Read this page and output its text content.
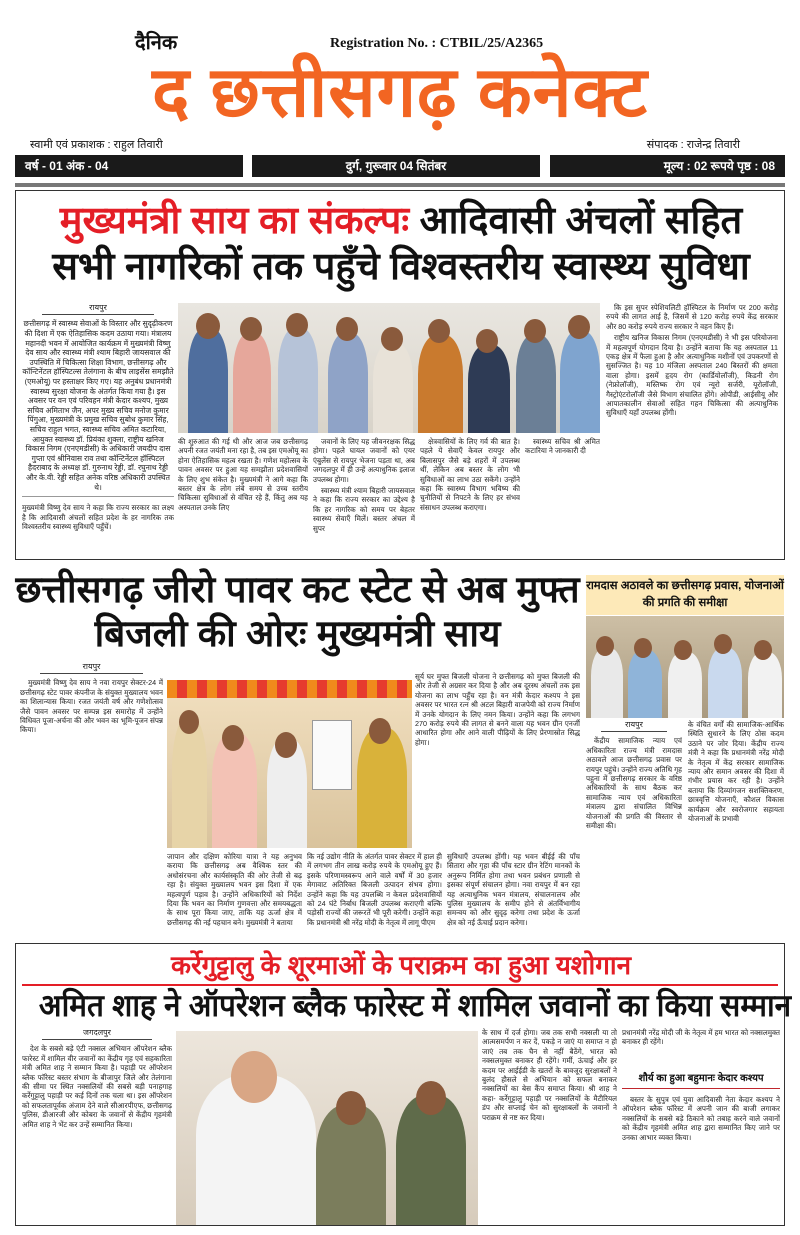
दैनिक	Registration No. : CTBIL/25/A2365
द छत्तीसगढ़ कनेक्ट
स्वामी एवं प्रकाशक : राहुल तिवारी	संपादक : राजेन्द्र तिवारी
वर्ष - 01 अंक - 04	दुर्ग, गुरूवार 04 सितंबर	मूल्य : 02 रूपये पृष्ठ : 08
मुख्यमंत्री साय का संकल्पः आदिवासी अंचलों सहित सभी नागरिकों तक पहुँचे विश्वस्तरीय स्वास्थ्य सुविधा
रायपुर
छत्तीसगढ़ में स्वास्थ्य सेवाओं के विस्तार और सुदृढ़ीकरण की दिशा में एक ऐतिहासिक कदम उठाया गया। मंत्रालय महानदी भवन में आयोजित कार्यक्रम में मुख्यमंत्री विष्णु देव साय और स्वास्थ्य मंत्री श्याम बिहारी जायसवाल की उपस्थिति में चिकित्सा शिक्षा विभाग, छत्तीसगढ़ और कॉन्टिनेंटल हॉस्पिटल्स तेलंगाना के बीच लाइसेंस समझौते (एमओयू) पर हस्ताक्षर किए गए। यह अनुबंध प्रधानमंत्री स्वास्थ्य सुरक्षा योजना के अंतर्गत किया गया है। इस अवसर पर वन एवं परिवहन मंत्री केदार कश्यप, मुख्य सचिव अमिताभ जैन, अपर मुख्य सचिव मनोज कुमार पिंगुआ, मुख्यमंत्री के प्रमुख सचिव सुबोध कुमार सिंह, सचिव राहुल भगत, स्वास्थ्य सचिव अमित कटारिया, आयुक्त स्वास्थ्य डॉ. प्रियंका शुक्ला, राष्ट्रीय खनिज विकास निगम (एनएमडीसी) के अधिकारी जयदीप दास गुप्ता एवं श्रीनिवास राव तथा कॉन्टिनेंटल हॉस्पिटल हैदराबाद के अध्यक्ष डॉ. गुरुनाथ रेड्डी, डॉ. रघुनाथ रेड्डी और के.वी. रेड्डी सहित अनेक वरिष्ठ अधिकारी उपस्थित थे।
मुख्यमंत्री विष्णु देव साय ने कहा कि राज्य सरकार का लक्ष्य है कि आदिवासी अंचलों सहित प्रदेश के हर नागरिक तक विश्वस्तरीय स्वास्थ्य सुविधाएँ पहुँचें।
की शुरुआत की गई थी और आज जब छत्तीसगढ़ अपनी रजत जयंती मना रहा है, तब इस एमओयू का होना ऐतिहासिक महत्व रखता है। गणेश महोत्सव के पावन अवसर पर हुआ यह समझौता प्रदेशवासियों के लिए शुभ संकेत है। मुख्यमंत्री ने आगे कहा कि बस्तर क्षेत्र के लोग लंबे समय से उच्च स्तरीय चिकित्सा सुविधाओं से वंचित रहे हैं, किंतु अब यह अस्पताल उनके लिए

जवानों के लिए यह जीवनरक्षक सिद्ध होगा। पहले घायल जवानों को एयर एंबुलेंस से रायपुर भेजना पड़ता था, अब जगदलपुर में ही उन्हें अत्याधुनिक इलाज उपलब्ध होगा।

स्वास्थ्य मंत्री श्याम बिहारी जायसवाल ने कहा कि राज्य सरकार का उद्देश्य है कि हर नागरिक को समय पर बेहतर स्वास्थ्य सेवाएँ मिलें। बस्तर अंचल में सुपर

क्षेत्रवासियों के लिए गर्व की बात है। पहले ये सेवाएँ केवल रायपुर और बिलासपुर जैसे बड़े शहरों में उपलब्ध थीं, लेकिन अब बस्तर के लोग भी सुविधाओं का लाभ उठा सकेंगे। उन्होंने कहा कि स्वास्थ्य विभाग भविष्य की चुनौतियों से निपटने के लिए हर संभव संसाधन उपलब्ध कराएगा।

स्वास्थ्य सचिव श्री अमित कटारिया ने जानकारी दी

कि इस सुपर स्पेशियलिटी हॉस्पिटल के निर्माण पर 200 करोड़ रुपये की लागत आई है, जिसमें से 120 करोड़ रुपये केंद्र सरकार और 80 करोड़ रुपये राज्य सरकार ने वहन किए हैं।

राष्ट्रीय खनिज विकास निगम (एनएमडीसी) ने भी इस परियोजना में महत्वपूर्ण योगदान दिया है। उन्होंने बताया कि यह अस्पताल 11 एकड़ क्षेत्र में फैला हुआ है और अत्याधुनिक मशीनों एवं उपकरणों से सुसज्जित है। यह 10 मंजिला अस्पताल 240 बिस्तरों की क्षमता वाला होगा। इसमें हृदय रोग (कार्डियोलॉजी), किडनी रोग (नेफ्रोलॉजी), मस्तिष्क रोग एवं न्यूरो सर्जरी, यूरोलॉजी, गैस्ट्रोएंटरोलॉजी जैसे विभाग संचालित होंगे। ओपीडी, आईसीयू और आपातकालीन सेवाओं सहित गहन चिकित्सा की अत्याधुनिक सुविधाएँ यहाँ उपलब्ध होंगी।

छत्तीसगढ़ जीरो पावर कट स्टेट से अब मुफ्त बिजली की ओरः मुख्यमंत्री साय
रायपुर

मुख्यमंत्री विष्णु देव साय ने नवा रायपुर सेक्टर-24 में छत्तीसगढ़ स्टेट पावर कंपनीज के संयुक्त मुख्यालय भवन का शिलान्यास किया। रजत जयंती वर्ष और गणेशोत्सव जैसे पावन अवसर पर सम्पन्न इस समारोह में उन्होंने विधिवत पूजा-अर्चना की और भवन का भूमि-पूजन संपन्न किया।

सूर्य घर मुफ्त बिजली योजना ने छत्तीसगढ़ को मुफ्त बिजली की ओर तेजी से अग्रसर कर दिया है और अब दूरस्थ अंचलों तक इस योजना का लाभ पहुँच रहा है। वन मंत्री केदार कश्यप ने इस अवसर पर भारत रत्न श्री अटल बिहारी वाजपेयी को राज्य निर्माण में उनके योगदान के लिए नमन किया। उन्होंने कहा कि लगभग 270 करोड़ रुपये की लागत से बनने वाला यह भवन ग्रीन एनर्जी आधारित होगा और आने वाली पीढ़ियों के लिए प्रेरणास्रोत सिद्ध होगा।
जापान और दक्षिण कोरिया यात्रा ने यह अनुभव कराया कि छत्तीसगढ़ अब वैश्विक स्तर की अधोसंरचना और कार्यसंस्कृति की ओर तेजी से बढ़ रहा है। संयुक्त मुख्यालय भवन इस दिशा में एक महत्वपूर्ण पड़ाव है। उन्होंने अधिकारियों को निर्देश दिया कि भवन का निर्माण गुणवत्ता और समयबद्धता के साथ पूरा किया जाए, ताकि यह ऊर्जा क्षेत्र में छत्तीसगढ़ की नई पहचान बने। मुख्यमंत्री ने बताया
कि नई उद्योग नीति के अंतर्गत पावर सेक्टर में हाल ही में लगभग तीन लाख करोड़ रुपये के एमओयू हुए हैं। इसके परिणामस्वरूप आने वाले वर्षों में 30 हजार मेगावाट अतिरिक्त बिजली उत्पादन संभव होगा। उन्होंने कहा कि यह उपलब्धि न केवल प्रदेशवासियों को 24 घंटे निर्बाध बिजली उपलब्ध कराएगी बल्कि पड़ोसी राज्यों की जरूरतें भी पूरी करेगी। उन्होंने कहा कि प्रधानमंत्री श्री नरेंद्र मोदी के नेतृत्व में लागू पीएम
सुविधाएँ उपलब्ध होंगी। यह भवन बीईई की पाँच सितारा और गृहा की पाँच स्टार ग्रीन रेटिंग मानकों के अनुरूप निर्मित होगा तथा भवन प्रबंधन प्रणाली से इसका संपूर्ण संचालन होगा। नवा रायपुर में बन रहा यह अत्याधुनिक भवन मंत्रालय, संचालनालय और पुलिस मुख्यालय के समीप होने से अंतर्विभागीय समन्वय को और सुदृढ़ करेगा तथा प्रदेश के ऊर्जा क्षेत्र को नई ऊँचाई प्रदान करेगा।
रामदास अठावले का छत्तीसगढ़ प्रवास, योजनाओं की प्रगति की समीक्षा
रायपुर

केंद्रीय सामाजिक न्याय एवं अधिकारिता राज्य मंत्री रामदास अठावले आज छत्तीसगढ़ प्रवास पर रायपुर पहुंचे। उन्होंने राज्य अतिथि गृह पहुना में छत्तीसगढ़ सरकार के वरिष्ठ अधिकारियों के साथ बैठक कर सामाजिक न्याय एवं अधिकारिता मंत्रालय द्वारा संचालित विभिन्न योजनाओं की प्रगति की विस्तार से समीक्षा की।

के वंचित वर्गों की सामाजिक-आर्थिक स्थिति सुधारने के लिए ठोस कदम उठाने पर जोर दिया। केंद्रीय राज्य मंत्री ने कहा कि प्रधानमंत्री नरेंद्र मोदी के नेतृत्व में केंद्र सरकार सामाजिक न्याय और समान अवसर की दिशा में गंभीर प्रयास कर रही है। उन्होंने बताया कि दिव्यांगजन सशक्तिकरण, छात्रवृत्ति योजनाएँ, कौशल विकास कार्यक्रम और स्वरोजगार सहायता योजनाओं के प्रभावी
कर्रेगुट्टालु के शूरमाओं के पराक्रम का हुआ यशोगान
अमित शाह ने ऑपरेशन ब्लैक फारेस्ट में शामिल जवानों का किया सम्मान
जगदलपुर

देश के सबसे बड़े एंटी नक्सल अभियान ऑपरेशन ब्लैक फारेस्ट में शामिल वीर जवानों का केंद्रीय गृह एवं सहकारिता मंत्री अमित शाह ने सम्मान किया है। पहाड़ी पर ऑपरेशन ब्लैक फॉरेस्ट बस्तर संभाग के बीजापुर जिले और तेलंगाना की सीमा पर स्थित नक्सलियों की सबसे बड़ी पनाहगाह कर्रेगुट्टालु पहाड़ी पर कई दिनों तक चला था। इस ऑपरेशन को सफलतापूर्वक अंजाम देने वाले सीआरपीएफ, छत्तीसगढ़ पुलिस, डीआरजी और कोबरा के जवानों से केंद्रीय गृहमंत्री अमित शाह ने भेंट कर उन्हें सम्मानित किया।

के साथ में दर्ज होगा। जब तक सभी नक्सली या तो आत्मसमर्पण न कर दें, पकड़े न जाएं या समाप्त न हो जाएं तब तक चैन से नहीं बैठेंगे, भारत को नक्सलमुक्त बनाकर ही रहेंगे। गर्मी, ऊंचाई और हर कदम पर आईईडी के खतरों के बावजूद सुरक्षाबलों ने बुलंद हौसले से अभियान को सफल बनाकर नक्सलियों का बेस कैंप समाप्त किया। श्री शाह ने कहा- कर्रेगुट्टालु पहाड़ी पर नक्सलियों के मैटीरियल डंप और सप्लाई चेन को सुरक्षाबलों के जवानों ने पराक्रम से नष्ट कर दिया।
प्रधानमंत्री नरेंद्र मोदी जी के नेतृत्व में हम भारत को नक्सलमुक्त बनाकर ही रहेंगे।
शौर्य का हुआ बहुमानः केदार कश्यप
बस्तर के सुपुत्र एवं युवा आदिवासी नेता केदार कश्यप ने ऑपरेशन ब्लैक फॉरेस्ट में अपनी जान की बाजी लगाकर नक्सलियों के सबसे बड़े ठिकाने को तबाह करने वाले जवानों को केंद्रीय गृहमंत्री अमित शाह द्वारा सम्मानित किए जाने पर उनका आभार व्यक्त किया।
